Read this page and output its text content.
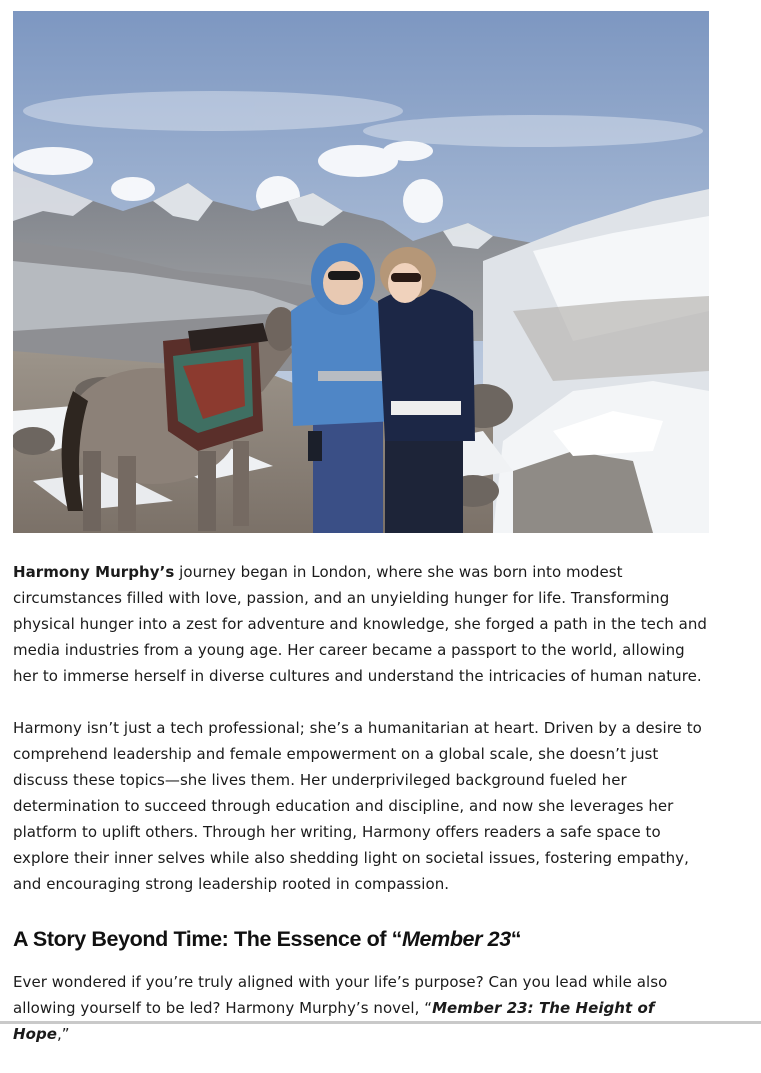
Harmony Murphy’s journey began in London, where she was born into modest circumstances filled with love, passion, and an unyielding hunger for life. Transforming physical hunger into a zest for adventure and knowledge, she forged a path in the tech and media industries from a young age. Her career became a passport to the world, allowing her to immerse herself in diverse cultures and understand the intricacies of human nature.

Harmony isn’t just a tech professional; she’s a humanitarian at heart. Driven by a desire to comprehend leadership and female empowerment on a global scale, she doesn’t just discuss these topics—she lives them. Her underprivileged background fueled her determination to succeed through education and discipline, and now she leverages her platform to uplift others. Through her writing, Harmony offers readers a safe space to explore their inner selves while also shedding light on societal issues, fostering empathy, and encouraging strong leadership rooted in compassion.

A Story Beyond Time: The Essence of “Member 23“

Ever wondered if you’re truly aligned with your life’s purpose? Can you lead while also allowing yourself to be led? Harmony Murphy’s novel, “Member 23: The Height of Hope,”
